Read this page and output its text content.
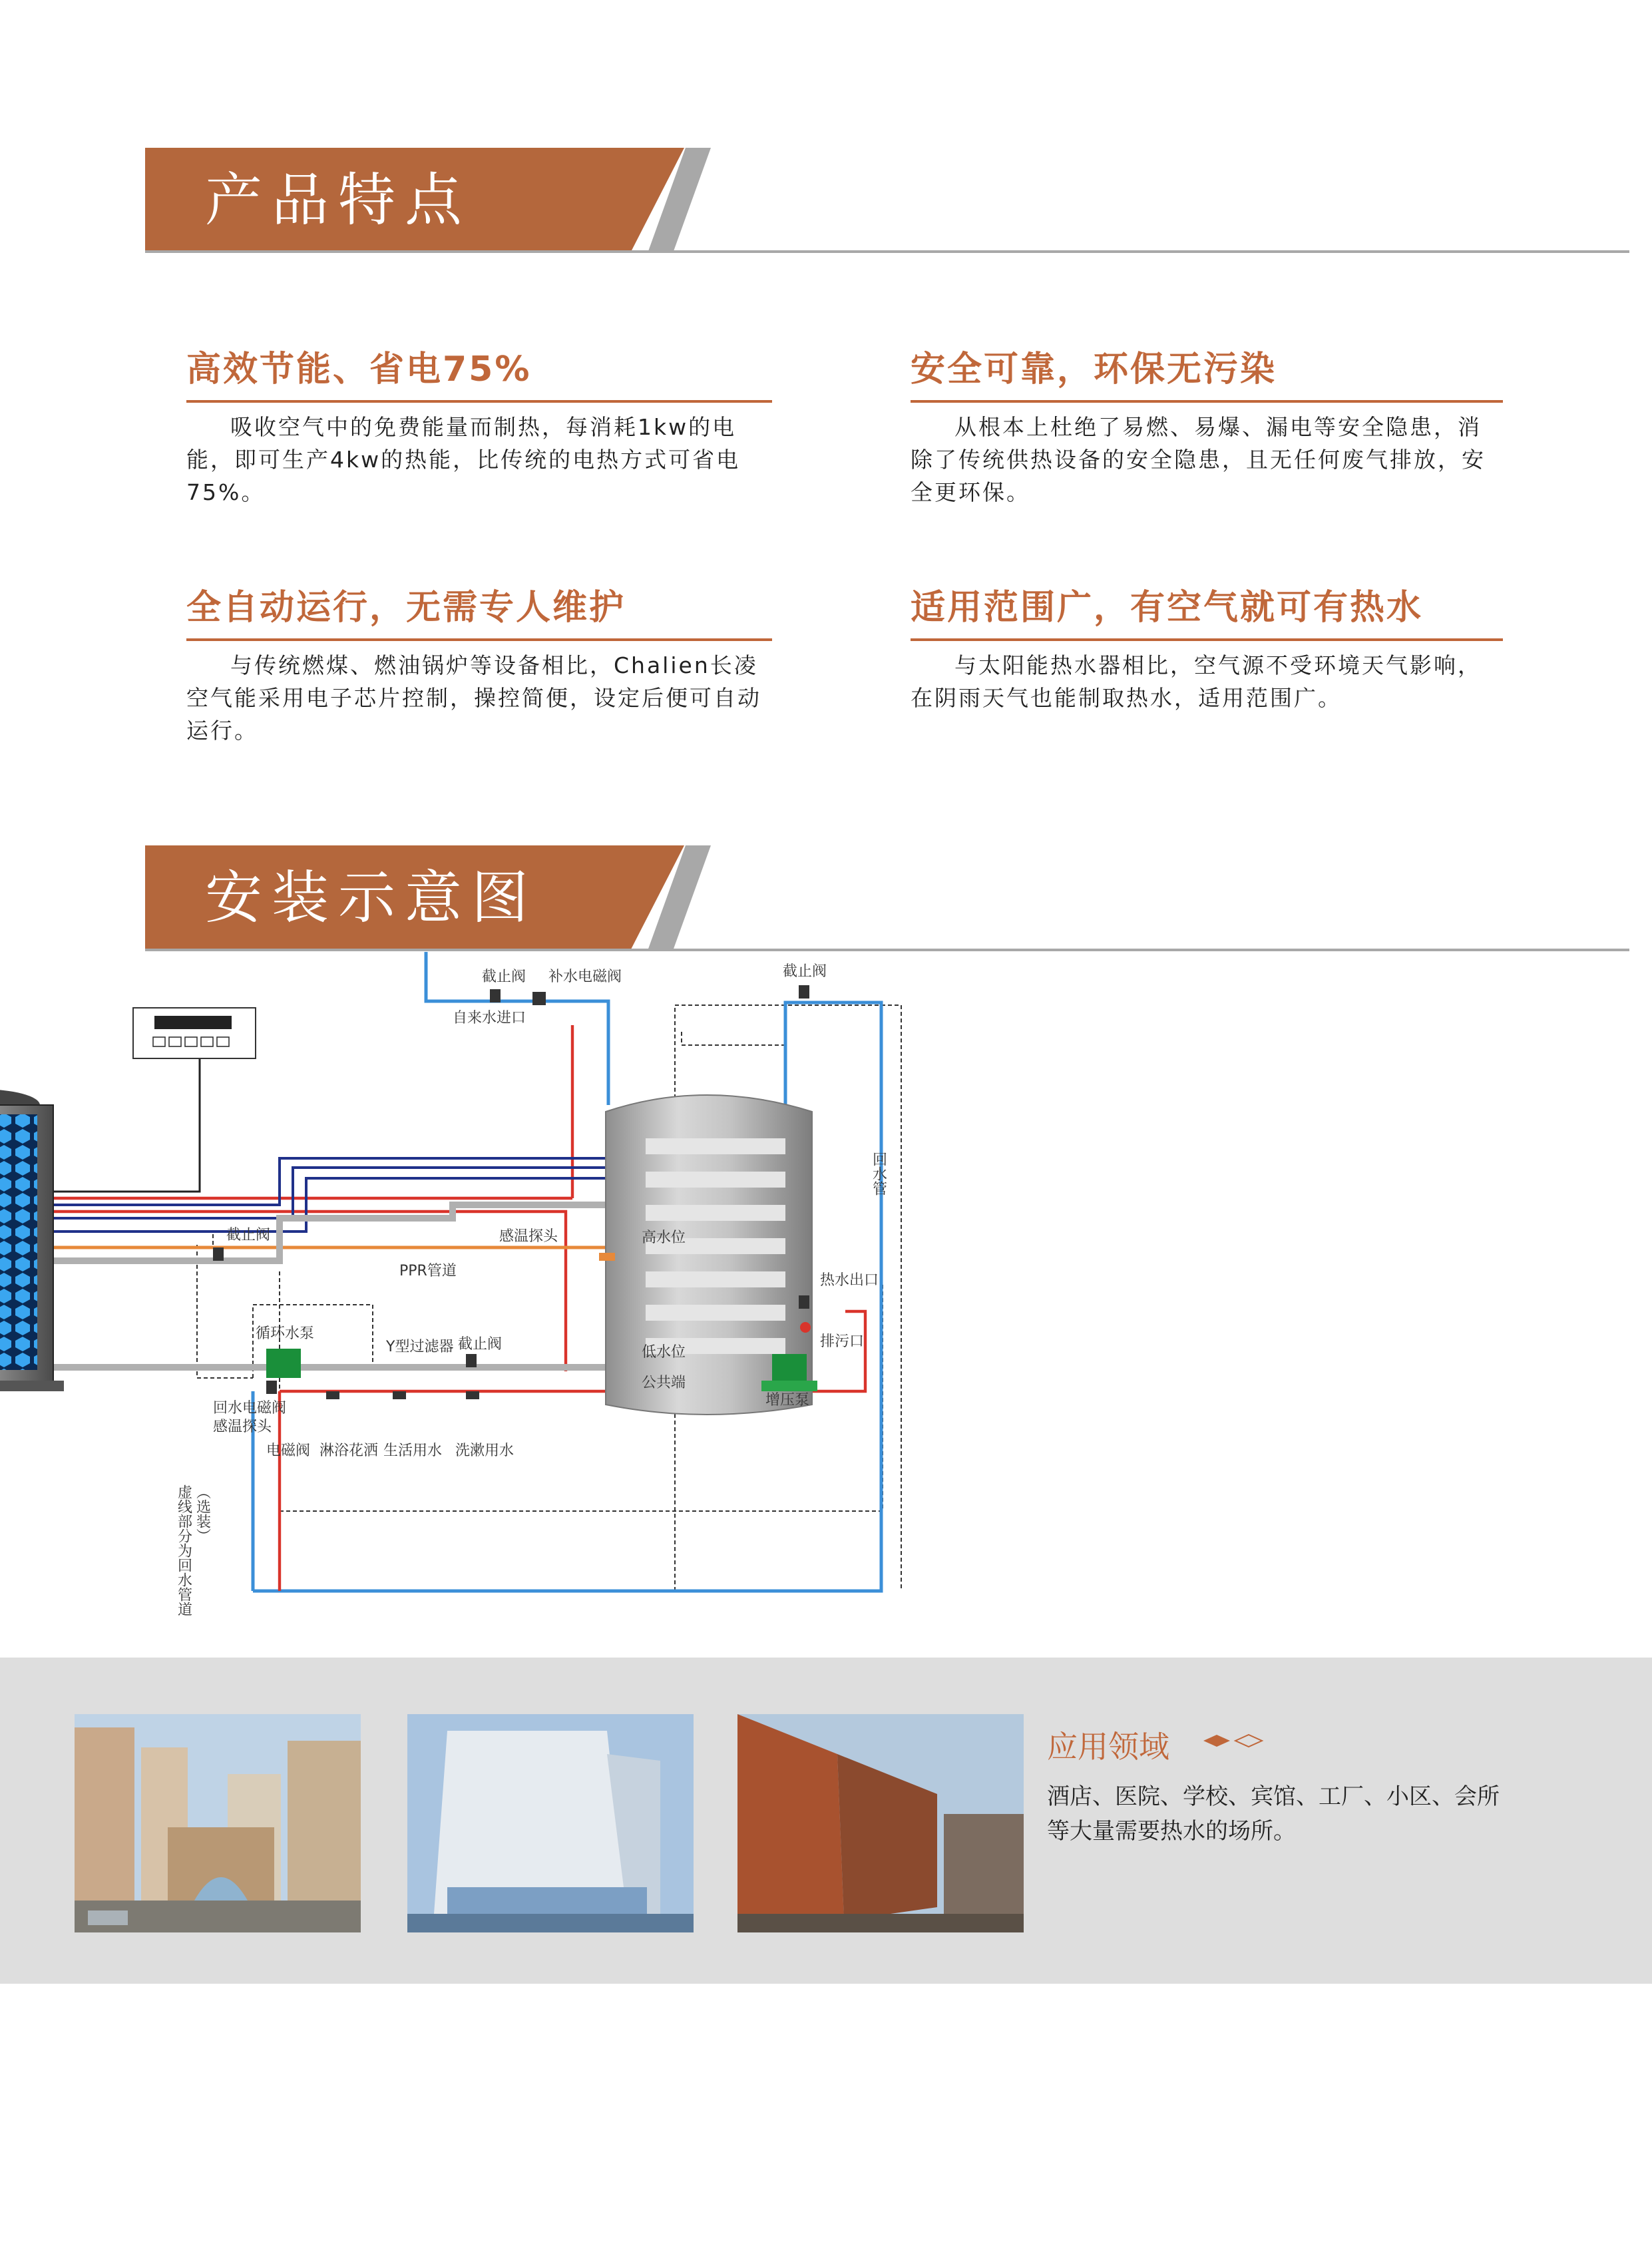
产品特点
高效节能、省电75%

吸收空气中的免费能量而制热，每消耗1kw的电能，即可生产4kw的热能，比传统的电热方式可省电75%。

安全可靠，环保无污染

从根本上杜绝了易燃、易爆、漏电等安全隐患，消除了传统供热设备的安全隐患，且无任何废气排放，安全更环保。

全自动运行，无需专人维护

与传统燃煤、燃油锅炉等设备相比，Chalien长凌空气能采用电子芯片控制，操控简便，设定后便可自动运行。

适用范围广，有空气就可有热水

与太阳能热水器相比，空气源不受环境天气影响，在阴雨天气也能制取热水，适用范围广。

安装示意图
截止阀	补水电磁阀
自来水进口
截止阀
回水管
高水位
感温探头
截止阀
PPR管道
热水出口
循环水泵
Y型过滤器 截止阀	低水位
公共端
排污口
回水电磁阀
感温探头
电磁阀 淋浴花洒 生活用水 洗漱用水
增压泵
虚线部分为回水管道 （选装）
应用领域
酒店、医院、学校、宾馆、工厂、小区、会所等大量需要热水的场所。
